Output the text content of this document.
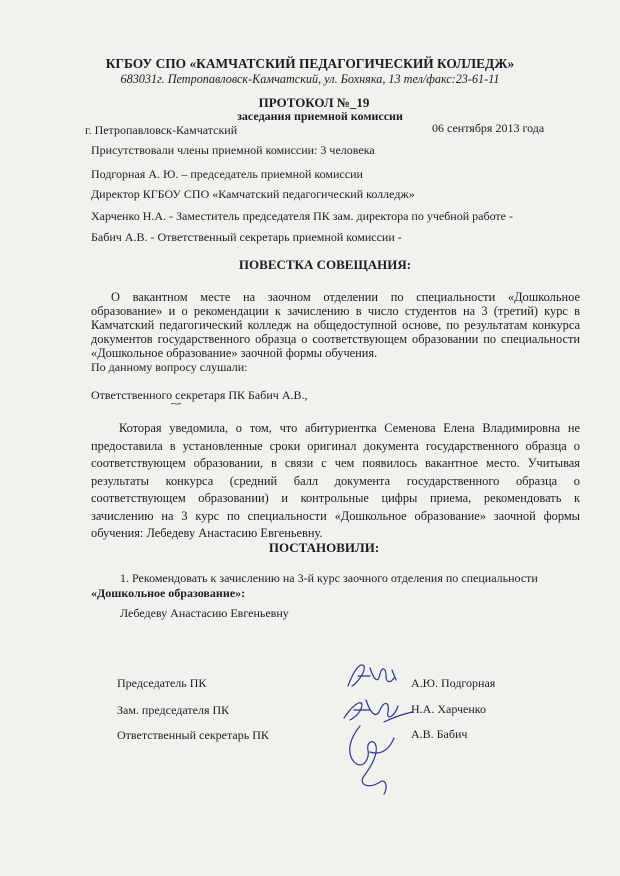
КГБОУ СПО «КАМЧАТСКИЙ ПЕДАГОГИЧЕСКИЙ КОЛЛЕДЖ»
683031г. Петропавловск-Камчатский, ул. Бохняка, 13 тел/факс:23-61-11
ПРОТОКОЛ №_19
заседания приемной комиссии
г. Петропавловск-Камчатский	06 сентября 2013 года
Присутствовали члены приемной комиссии: 3 человека
Подгорная А. Ю. – председатель приемной комиссии
Директор КГБОУ СПО «Камчатский педагогический колледж»
Харченко Н.А. - Заместитель председателя ПК зам. директора по учебной работе -
Бабич А.В. - Ответственный секретарь приемной комиссии -
ПОВЕСТКА СОВЕЩАНИЯ:
О вакантном месте на заочном отделении по специальности «Дошкольное
образование» и о рекомендации к зачислению в число студентов на 3 (третий) курс в
Камчатский педагогический колледж на общедоступной основе, по результатам конкурса
документов государственного образца о соответствующем образовании по специальности
«Дошкольное образование» заочной формы обучения.
По данному вопросу слушали:
Ответственного секретаря ПК Бабич А.В.,
Которая уведомила, о том, что абитуриентка Семенова Елена Владимировна не
предоставила в установленные сроки оригинал документа государственного образца о
соответствующем образовании, в связи с чем появилось вакантное место. Учитывая
результаты конкурса (средний балл документа государственного образца о
соответствующем образовании) и контрольные цифры приема, рекомендовать к
зачислению на 3 курс по специальности «Дошкольное образование» заочной формы
обучения: Лебедеву Анастасию Евгеньевну.
ПОСТАНОВИЛИ:
1. Рекомендовать к зачислению на 3-й курс заочного отделения по специальности
«Дошкольное образование»:
Лебедеву Анастасию Евгеньевну
Председатель ПК	А.Ю. Подгорная
Зам. председателя ПК	Н.А. Харченко
Ответственный секретарь ПК	А.В. Бабич
